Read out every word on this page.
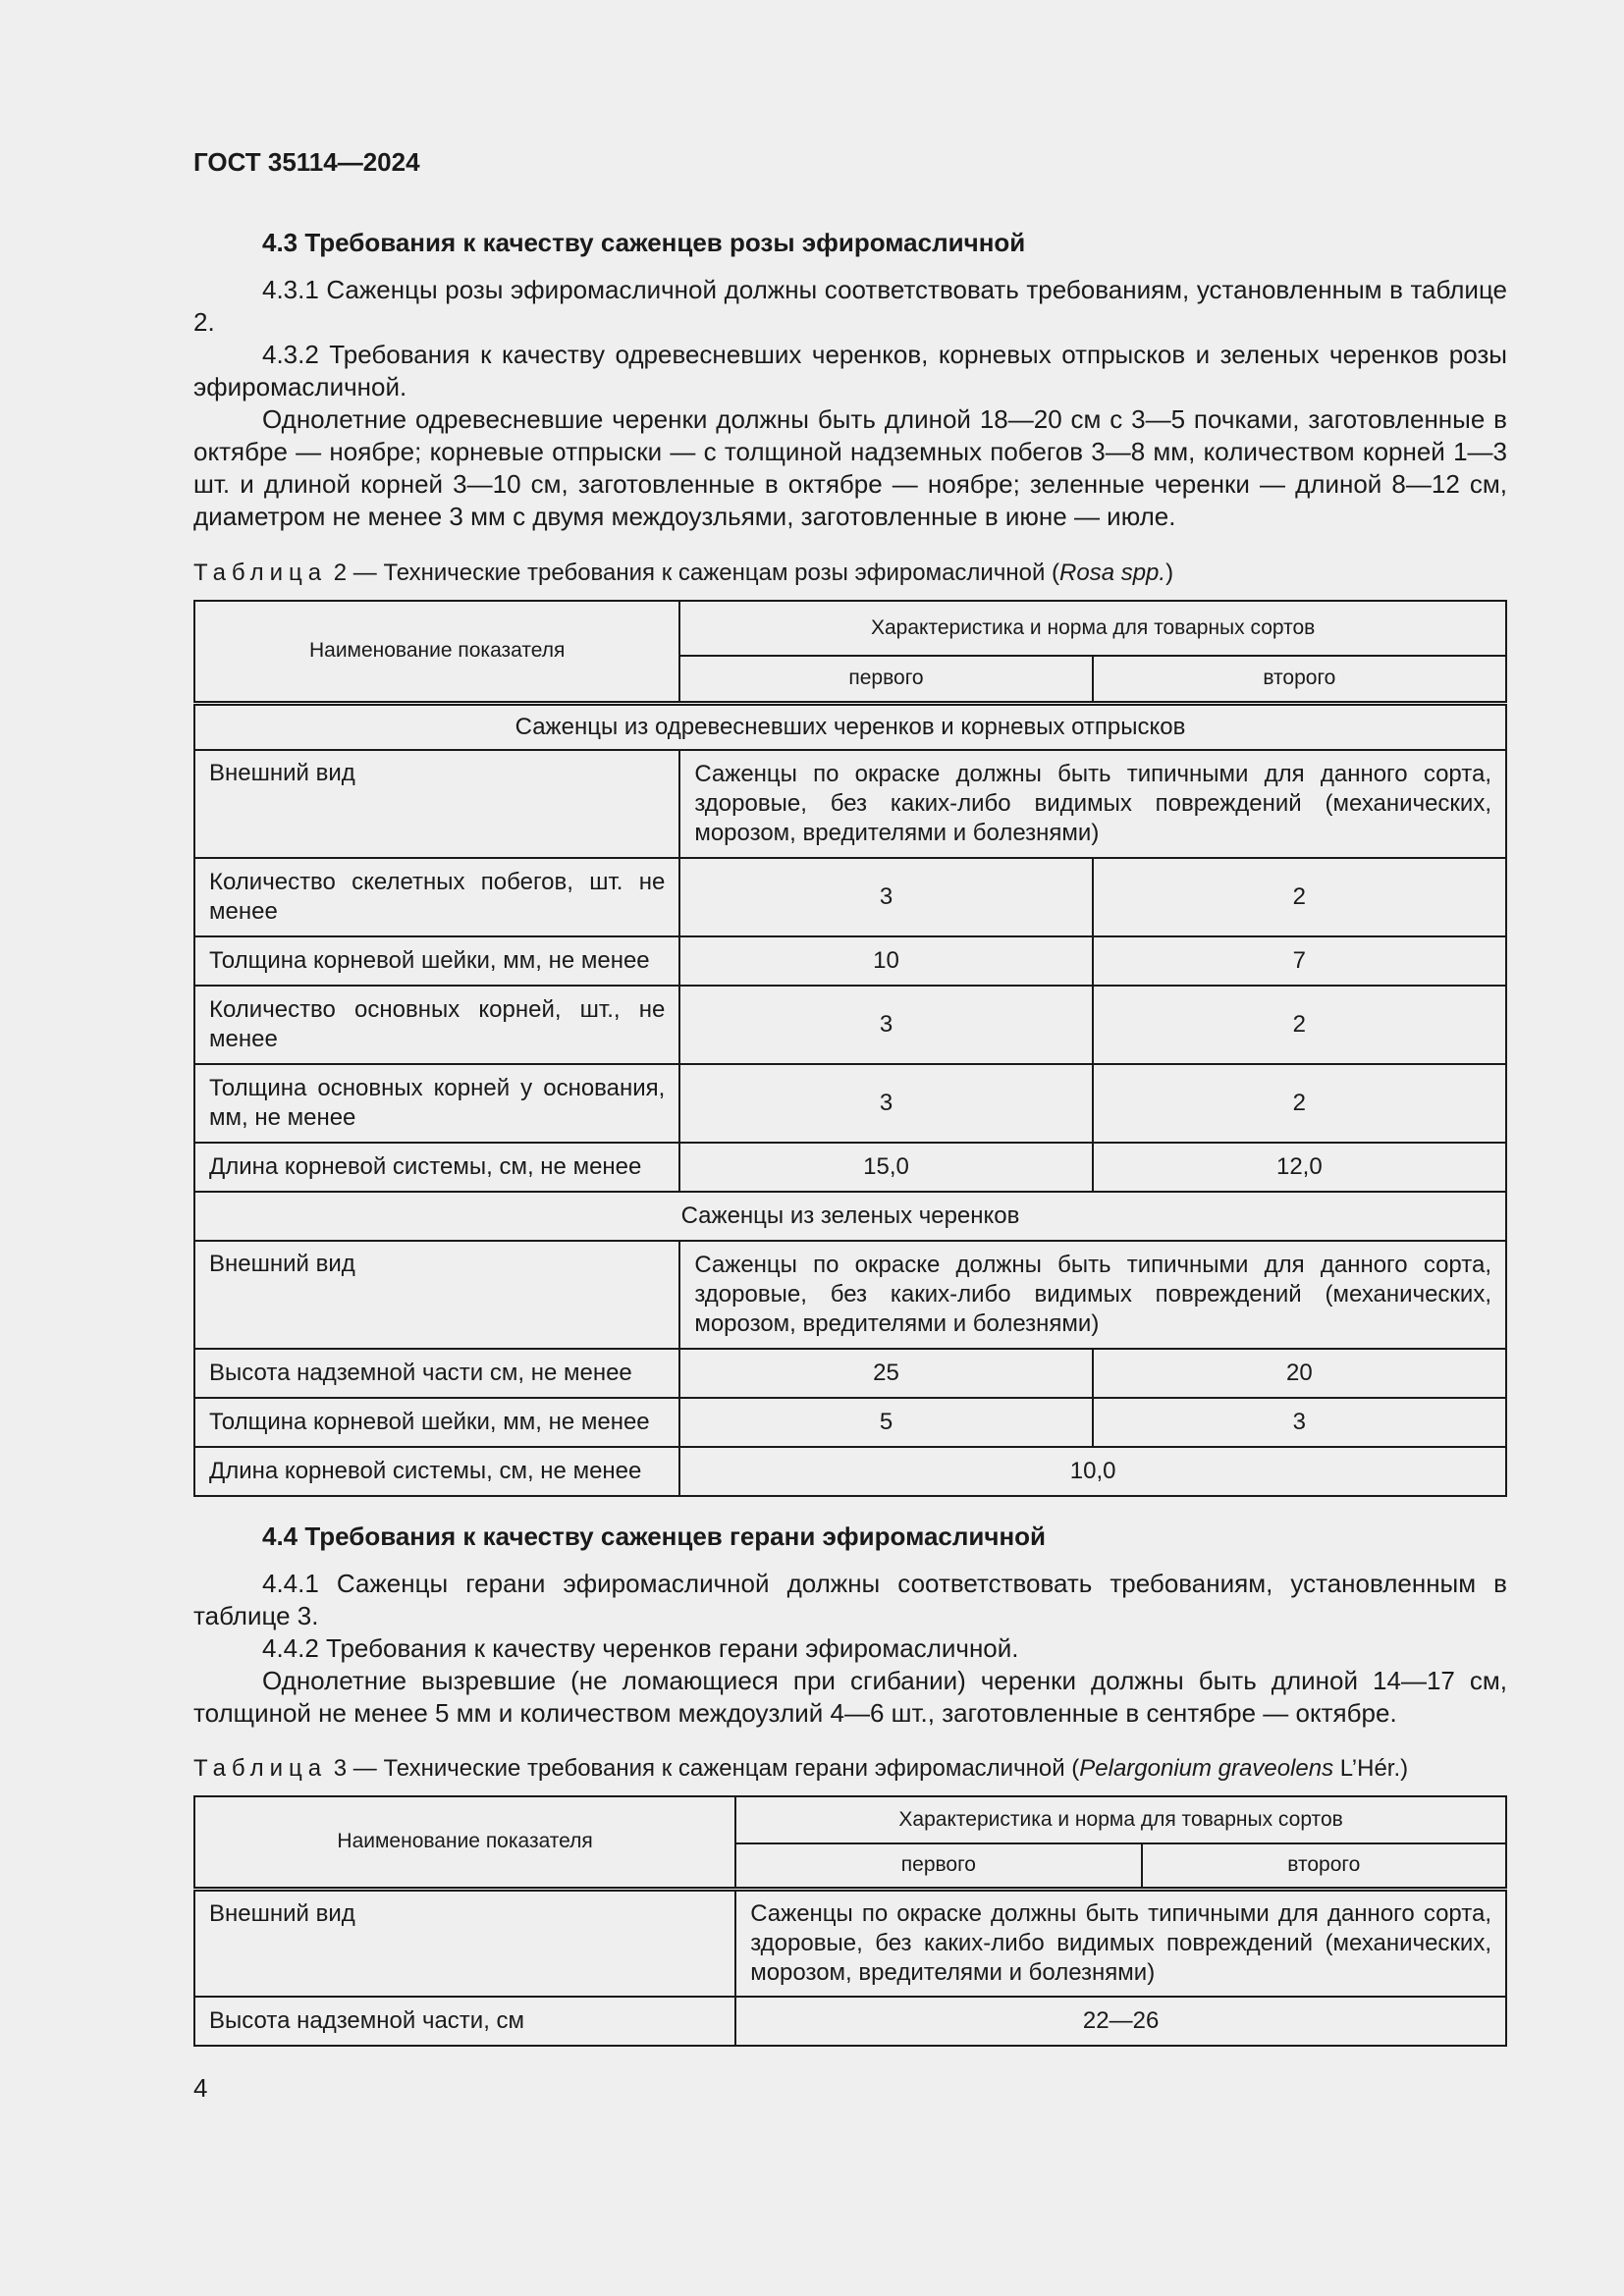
ГОСТ 35114—2024
4.3 Требования к качеству саженцев розы эфиромасличной

4.3.1 Саженцы розы эфиромасличной должны соответствовать требованиям, установленным в таблице 2.

4.3.2 Требования к качеству одревесневших черенков, корневых отпрысков и зеленых черенков розы эфиромасличной.

Однолетние одревесневшие черенки должны быть длиной 18—20 см с 3—5 почками, заготовленные в октябре — ноябре; корневые отпрыски — с толщиной надземных побегов 3—8 мм, количеством корней 1—3 шт. и длиной корней 3—10 см, заготовленные в октябре — ноябре; зеленные черенки — длиной 8—12 см, диаметром не менее 3 мм с двумя междоузльями, заготовленные в июне — июле.

Таблица 2 — Технические требования к саженцам розы эфиромасличной (Rosa spp.)
Наименование показателя	Характеристика и норма для товарных сортов	
	первого	второго
Саженцы из одревесневших черенков и корневых отпрысков		
Внешний вид	Саженцы по окраске должны быть типичными для данного сорта, здоровые, без каких-либо видимых повреждений (механических, морозом, вредителями и болезнями)	
Количество скелетных побегов, шт. не менее	3	2
Толщина корневой шейки, мм, не менее	10	7
Количество основных корней, шт., не менее	3	2
Толщина основных корней у основания, мм, не менее	3	2
Длина корневой системы, см, не менее	15,0	12,0
Саженцы из зеленых черенков		
Внешний вид	Саженцы по окраске должны быть типичными для данного сорта, здоровые, без каких-либо видимых повреждений (механических, морозом, вредителями и болезнями)	
Высота надземной части см, не менее	25	20
Толщина корневой шейки, мм, не менее	5	3
Длина корневой системы, см, не менее	10,0	
4.4 Требования к качеству саженцев герани эфиромасличной

4.4.1 Саженцы герани эфиромасличной должны соответствовать требованиям, установленным в таблице 3.

4.4.2 Требования к качеству черенков герани эфиромасличной.

Однолетние вызревшие (не ломающиеся при сгибании) черенки должны быть длиной 14—17 см, толщиной не менее 5 мм и количеством междоузлий 4—6 шт., заготовленные в сентябре — октябре.

Таблица 3 — Технические требования к саженцам герани эфиромасличной (Pelargonium graveolens L’Hér.)
Наименование показателя	Характеристика и норма для товарных сортов	
	первого	второго
Внешний вид	Саженцы по окраске должны быть типичными для данного сорта, здоровые, без каких-либо видимых повреждений (механических, морозом, вредителями и болезнями)	
Высота надземной части, см	22—26	
4
